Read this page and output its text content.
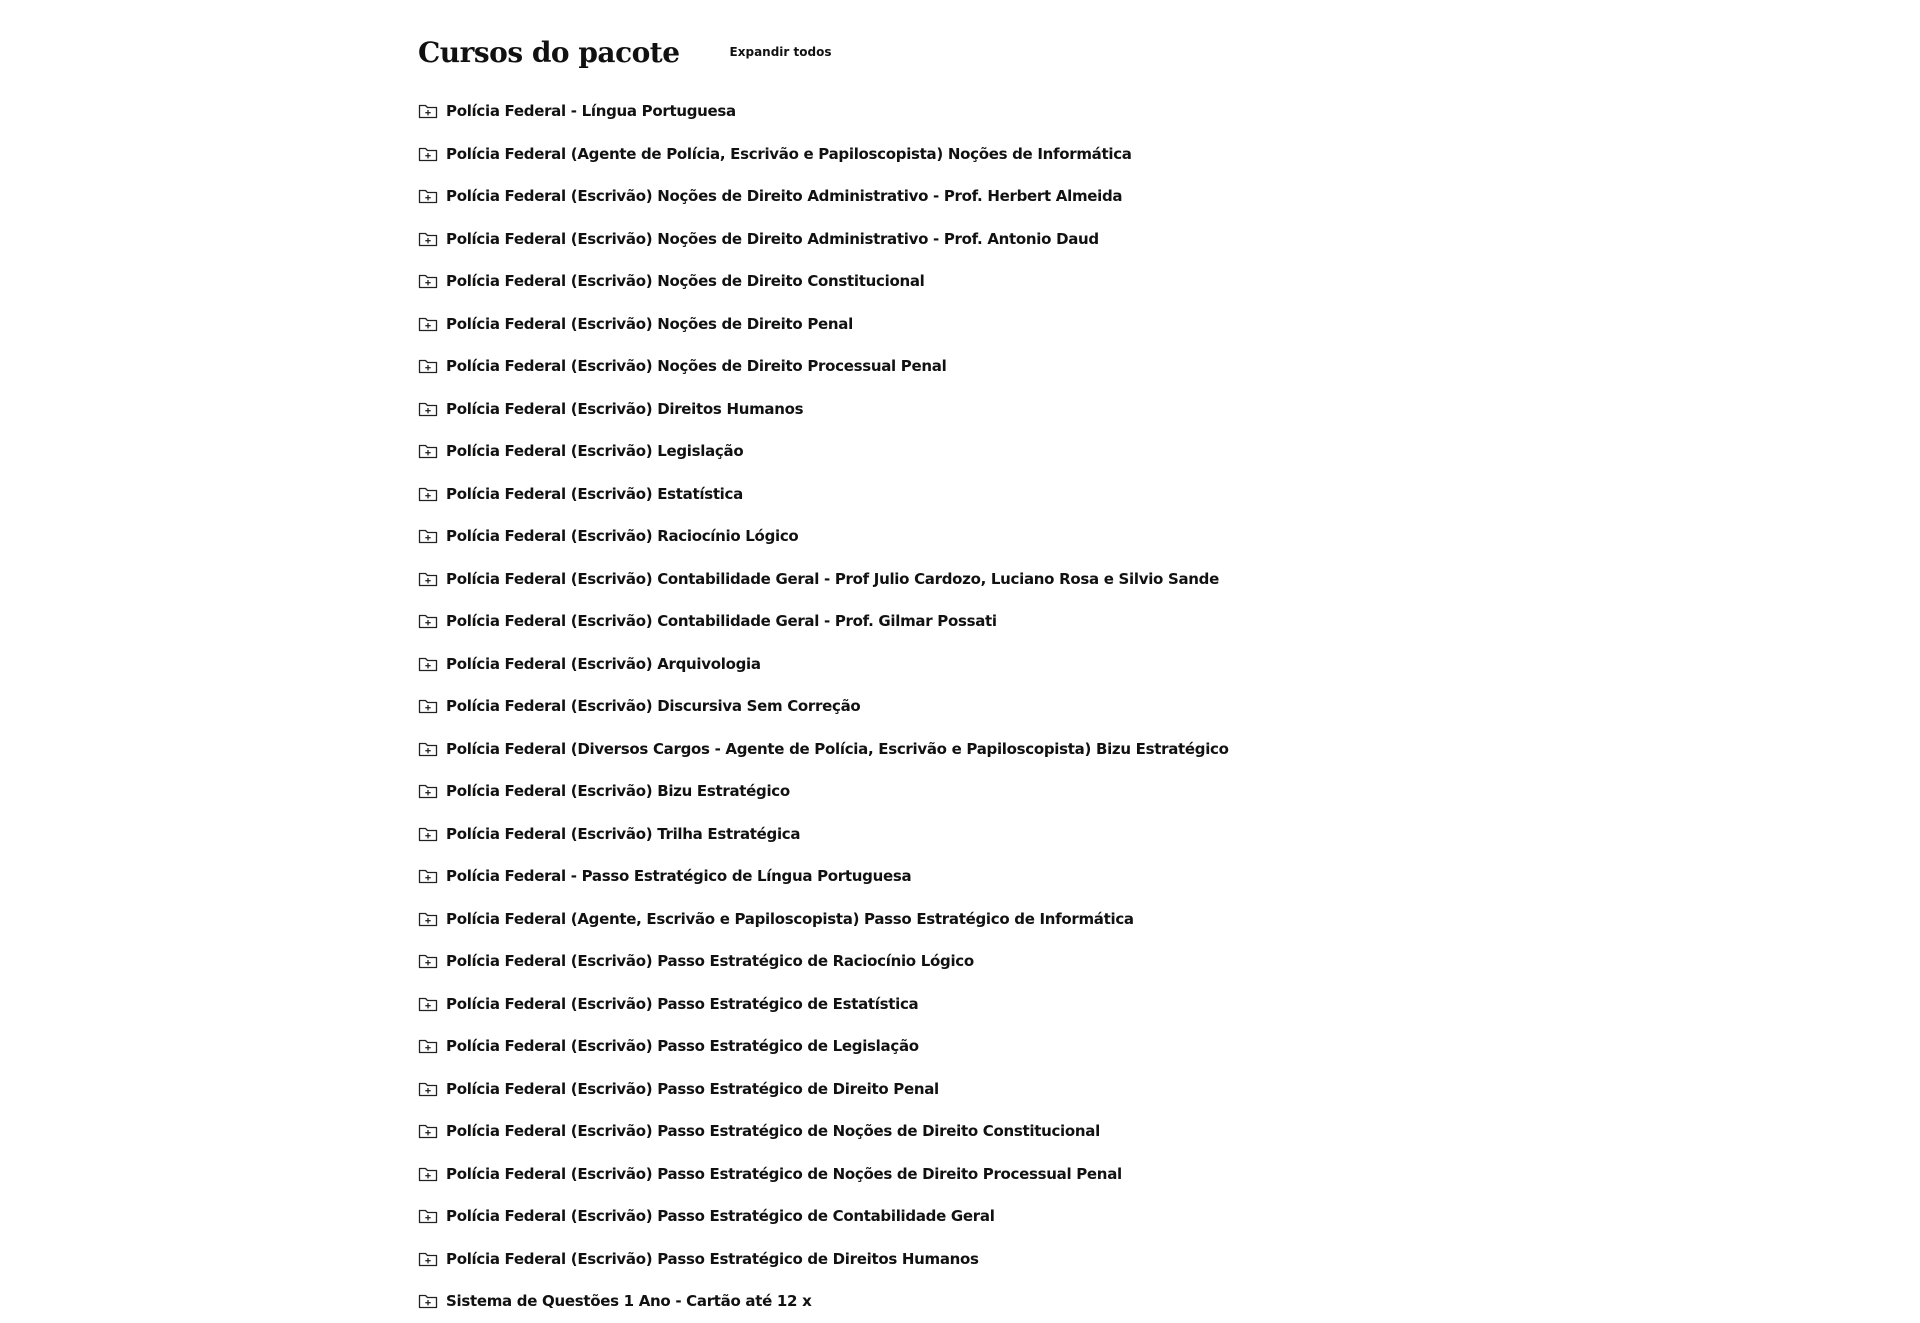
Cursos do pacote	Expandir todos
Polícia Federal - Língua Portuguesa
Polícia Federal (Agente de Polícia, Escrivão e Papiloscopista) Noções de Informática
Polícia Federal (Escrivão) Noções de Direito Administrativo - Prof. Herbert Almeida
Polícia Federal (Escrivão) Noções de Direito Administrativo - Prof. Antonio Daud
Polícia Federal (Escrivão) Noções de Direito Constitucional
Polícia Federal (Escrivão) Noções de Direito Penal
Polícia Federal (Escrivão) Noções de Direito Processual Penal
Polícia Federal (Escrivão) Direitos Humanos
Polícia Federal (Escrivão) Legislação
Polícia Federal (Escrivão) Estatística
Polícia Federal (Escrivão) Raciocínio Lógico
Polícia Federal (Escrivão) Contabilidade Geral - Prof Julio Cardozo, Luciano Rosa e Silvio Sande
Polícia Federal (Escrivão) Contabilidade Geral - Prof. Gilmar Possati
Polícia Federal (Escrivão) Arquivologia
Polícia Federal (Escrivão) Discursiva Sem Correção
Polícia Federal (Diversos Cargos - Agente de Polícia, Escrivão e Papiloscopista) Bizu Estratégico
Polícia Federal (Escrivão) Bizu Estratégico
Polícia Federal (Escrivão) Trilha Estratégica
Polícia Federal - Passo Estratégico de Língua Portuguesa
Polícia Federal (Agente, Escrivão e Papiloscopista) Passo Estratégico de Informática
Polícia Federal (Escrivão) Passo Estratégico de Raciocínio Lógico
Polícia Federal (Escrivão) Passo Estratégico de Estatística
Polícia Federal (Escrivão) Passo Estratégico de Legislação
Polícia Federal (Escrivão) Passo Estratégico de Direito Penal
Polícia Federal (Escrivão) Passo Estratégico de Noções de Direito Constitucional
Polícia Federal (Escrivão) Passo Estratégico de Noções de Direito Processual Penal
Polícia Federal (Escrivão) Passo Estratégico de Contabilidade Geral
Polícia Federal (Escrivão) Passo Estratégico de Direitos Humanos
Sistema de Questões 1 Ano - Cartão até 12 x
